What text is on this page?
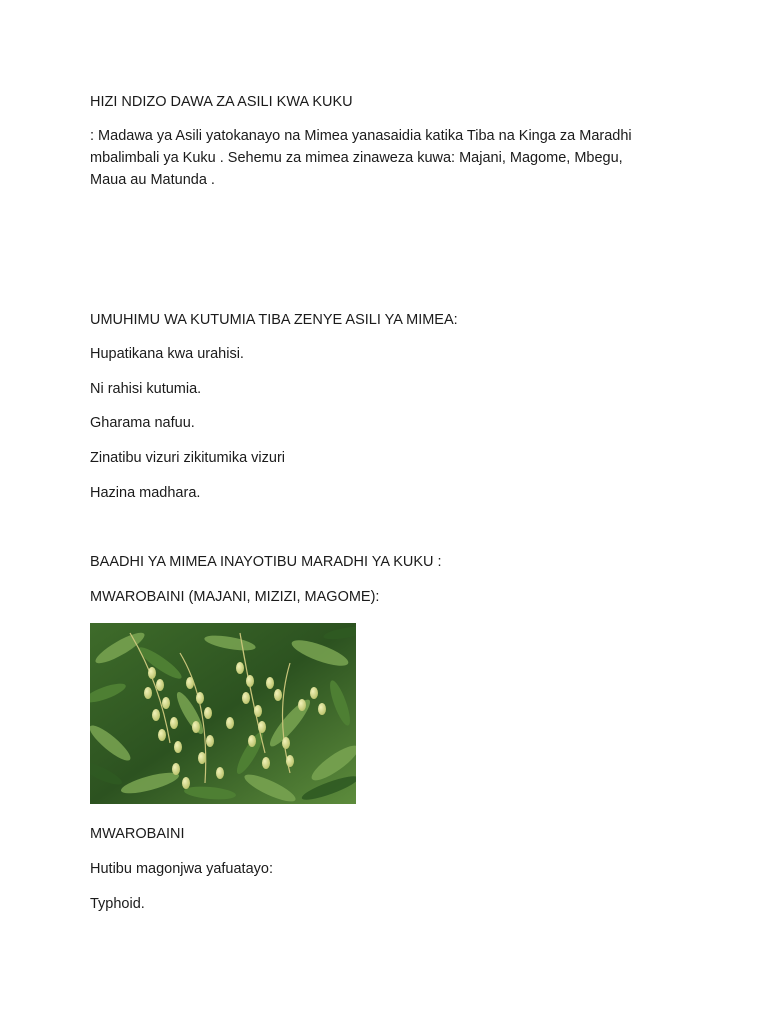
HIZI NDIZO DAWA ZA ASILI KWA KUKU

: Madawa ya Asili yatokanayo na Mimea yanasaidia katika Tiba na Kinga za Maradhi
mbalimbali ya Kuku . Sehemu za mimea zinaweza kuwa: Majani, Magome, Mbegu,
Maua au Matunda .

UMUHIMU WA KUTUMIA TIBA ZENYE ASILI YA MIMEA:

Hupatikana kwa urahisi.

Ni rahisi kutumia.

Gharama nafuu.

Zinatibu vizuri zikitumika vizuri

Hazina madhara.

BAADHI YA MIMEA INAYOTIBU MARADHI YA KUKU :

MWAROBAINI (MAJANI, MIZIZI, MAGOME):

MWAROBAINI

Hutibu magonjwa yafuatayo:

Typhoid.
